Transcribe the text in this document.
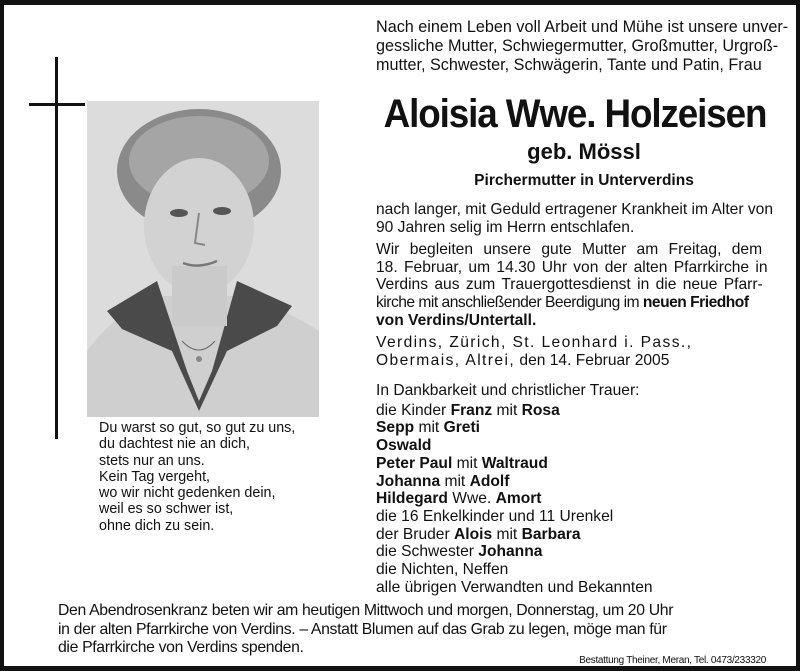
Du warst so gut, so gut zu uns,
du dachtest nie an dich,
stets nur an uns.
Kein Tag vergeht,
wo wir nicht gedenken dein,
weil es so schwer ist,
ohne dich zu sein.
Nach einem Leben voll Arbeit und Mühe ist unsere unver-
gessliche Mutter, Schwiegermutter, Großmutter, Urgroß-
mutter, Schwester, Schwägerin, Tante und Patin, Frau
Aloisia Wwe. Holzeisen
geb. Mössl
Pirchermutter in Unterverdins
nach langer, mit Geduld ertragener Krankheit im Alter von
90 Jahren selig im Herrn entschlafen.
Wir begleiten unsere gute Mutter am Freitag, dem
18. Februar, um 14.30 Uhr von der alten Pfarrkirche in
Verdins aus zum Trauergottesdienst in die neue Pfarr-
kirche mit anschließender Beerdigung im neuen Friedhof
von Verdins/Untertall.
Verdins, Zürich, St. Leonhard i. Pass.,
Obermais, Altrei, den 14. Februar 2005
In Dankbarkeit und christlicher Trauer:
die Kinder Franz mit Rosa
Sepp mit Greti
Oswald
Peter Paul mit Waltraud
Johanna mit Adolf
Hildegard Wwe. Amort
die 16 Enkelkinder und 11 Urenkel
der Bruder Alois mit Barbara
die Schwester Johanna
die Nichten, Neffen
alle übrigen Verwandten und Bekannten
Den Abendrosenkranz beten wir am heutigen Mittwoch und morgen, Donnerstag, um 20 Uhr
in der alten Pfarrkirche von Verdins. – Anstatt Blumen auf das Grab zu legen, möge man für
die Pfarrkirche von Verdins spenden.
Bestattung Theiner, Meran, Tel. 0473/233320
